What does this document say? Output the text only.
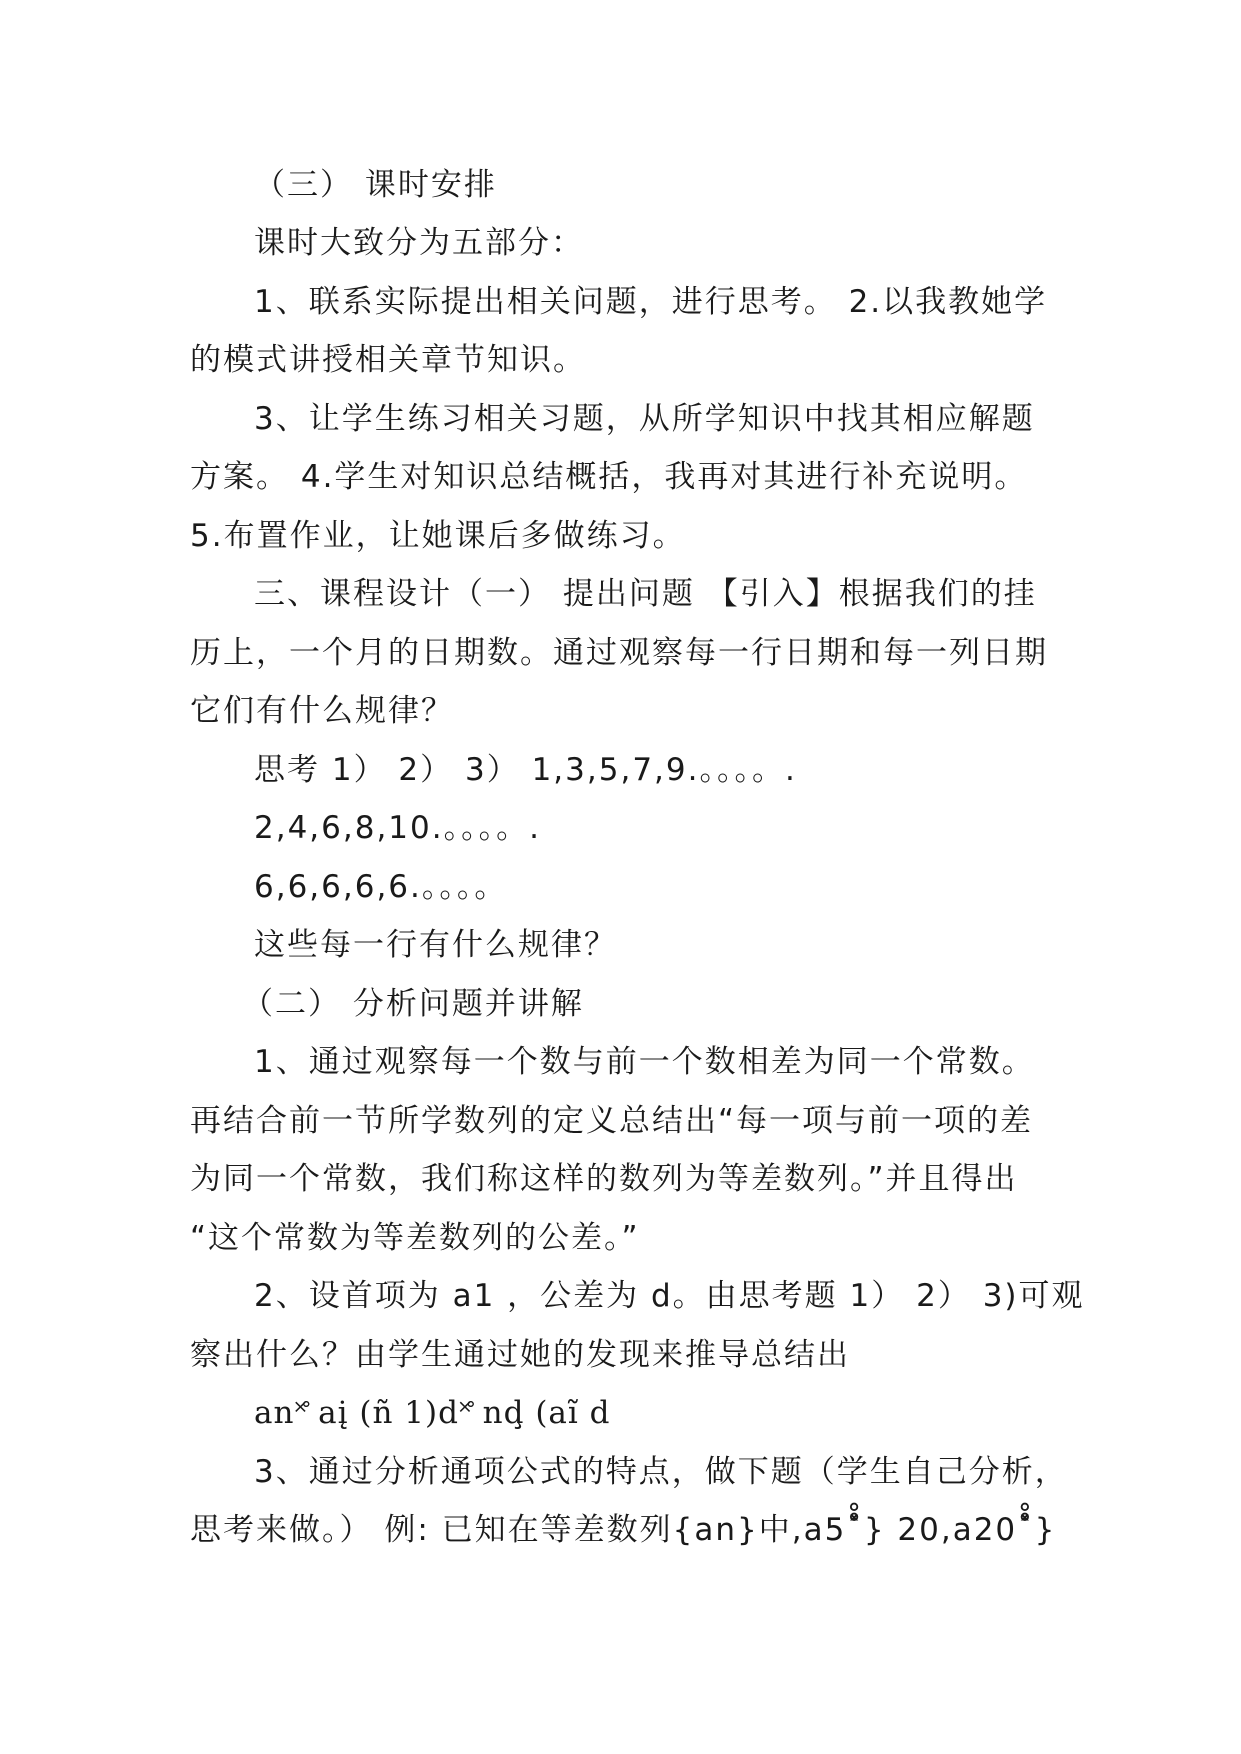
（三） 课时安排
课时大致分为五部分：
1、联系实际提出相关问题，进行思考。 2.以我教她学
的模式讲授相关章节知识。
3、让学生练习相关习题，从所学知识中找其相应解题
方案。 4.学生对知识总结概括，我再对其进行补充说明。
5.布置作业，让她课后多做练习。
三、课程设计（一） 提出问题 【引入】根据我们的挂
历上，一个月的日期数。通过观察每一行日期和每一列日期
它们有什么规律？
思考 1） 2） 3） 1,3,5,7,9.。。。。.
2,4,6,8,10.。。。。.
6,6,6,6,6.。。。。
这些每一行有什么规律？
（二） 分析问题并讲解
1、通过观察每一个数与前一个数相差为同一个常数。
再结合前一节所学数列的定义总结出“每一项与前一项的差
为同一个常数，我们称这样的数列为等差数列。”并且得出
“这个常数为等差数列的公差。”
2、设首项为 a1 ，公差为 d。由思考题 1） 2） 3)可观
察出什么？由学生通过她的发现来推导总结出
an˟̊̊ aį (ñ 1)d˟̊̊ nḑ (aĩ d
3、通过分析通项公式的特点，做下题（学生自己分析，
思考来做。） 例: 已知在等差数列{an}中,a5˟̊̊} 20,a20˟̊̊}
